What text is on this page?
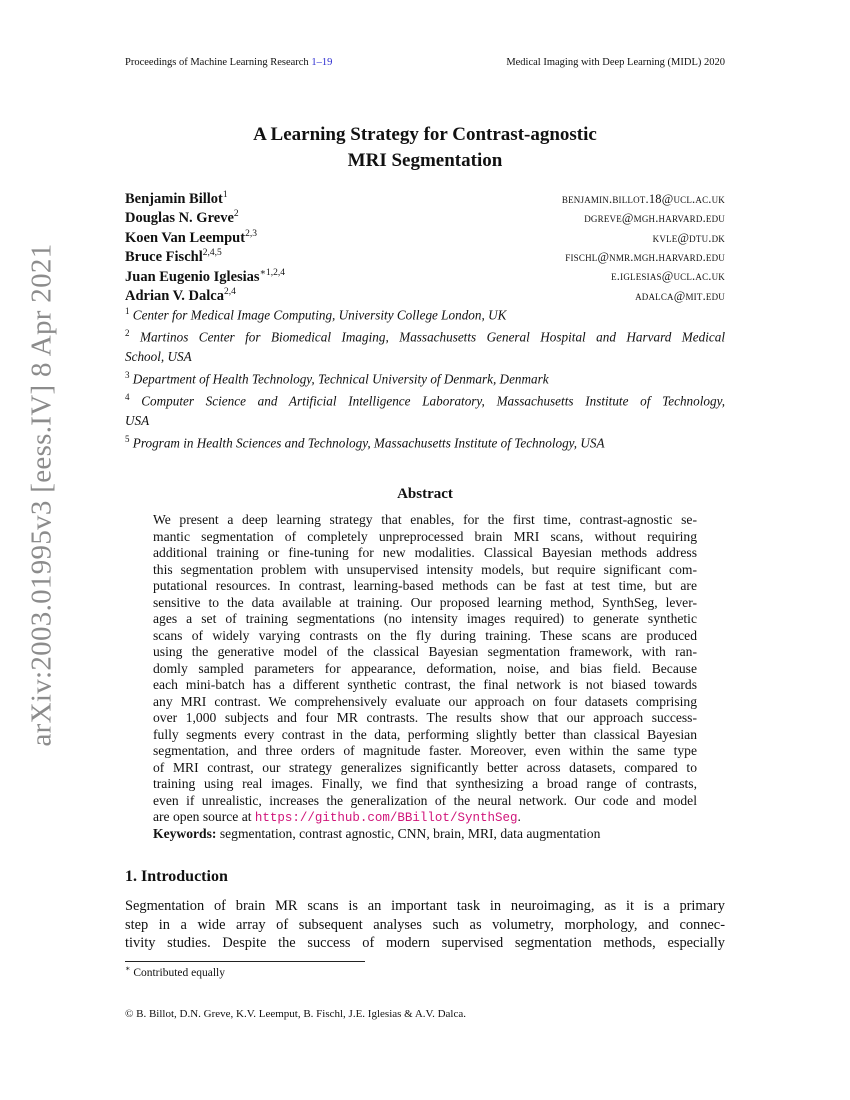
Proceedings of Machine Learning Research 1–19	Medical Imaging with Deep Learning (MIDL) 2020
arXiv:2003.01995v3 [eess.IV] 8 Apr 2021
A Learning Strategy for Contrast-agnostic
MRI Segmentation
Benjamin Billot$^1$	benjamin.billot.18@ucl.ac.uk
Douglas N. Greve$^2$	dgreve@mgh.harvard.edu
Koen Van Leemput$^{2,3}$	kvle@dtu.dk
Bruce Fischl$^{2,4,5}$	fischl@nmr.mgh.harvard.edu
Juan Eugenio Iglesias$^{∗1,2,4}$	e.iglesias@ucl.ac.uk
Adrian V. Dalca$^{2,4}$	adalca@mit.edu
$^1$ Center for Medical Image Computing, University College London, UK
$^2$ Martinos Center for Biomedical Imaging, Massachusetts General Hospital and Harvard Medical
School, USA
$^3$ Department of Health Technology, Technical University of Denmark, Denmark
$^4$ Computer Science and Artificial Intelligence Laboratory, Massachusetts Institute of Technology,
USA
$^5$ Program in Health Sciences and Technology, Massachusetts Institute of Technology, USA
Abstract
We present a deep learning strategy that enables, for the first time, contrast-agnostic se-
mantic segmentation of completely unpreprocessed brain MRI scans, without requiring
additional training or fine-tuning for new modalities. Classical Bayesian methods address
this segmentation problem with unsupervised intensity models, but require significant com-
putational resources. In contrast, learning-based methods can be fast at test time, but are
sensitive to the data available at training. Our proposed learning method, SynthSeg, lever-
ages a set of training segmentations (no intensity images required) to generate synthetic
scans of widely varying contrasts on the fly during training. These scans are produced
using the generative model of the classical Bayesian segmentation framework, with ran-
domly sampled parameters for appearance, deformation, noise, and bias field. Because
each mini-batch has a different synthetic contrast, the final network is not biased towards
any MRI contrast. We comprehensively evaluate our approach on four datasets comprising
over 1,000 subjects and four MR contrasts. The results show that our approach success-
fully segments every contrast in the data, performing slightly better than classical Bayesian
segmentation, and three orders of magnitude faster. Moreover, even within the same type
of MRI contrast, our strategy generalizes significantly better across datasets, compared to
training using real images. Finally, we find that synthesizing a broad range of contrasts,
even if unrealistic, increases the generalization of the neural network. Our code and model
are open source at https://github.com/BBillot/SynthSeg.
Keywords: segmentation, contrast agnostic, CNN, brain, MRI, data augmentation
1. Introduction
Segmentation of brain MR scans is an important task in neuroimaging, as it is a primary
step in a wide array of subsequent analyses such as volumetry, morphology, and connec-
tivity studies. Despite the success of modern supervised segmentation methods, especially
∗ Contributed equally
© B. Billot, D.N. Greve, K.V. Leemput, B. Fischl, J.E. Iglesias & A.V. Dalca.
